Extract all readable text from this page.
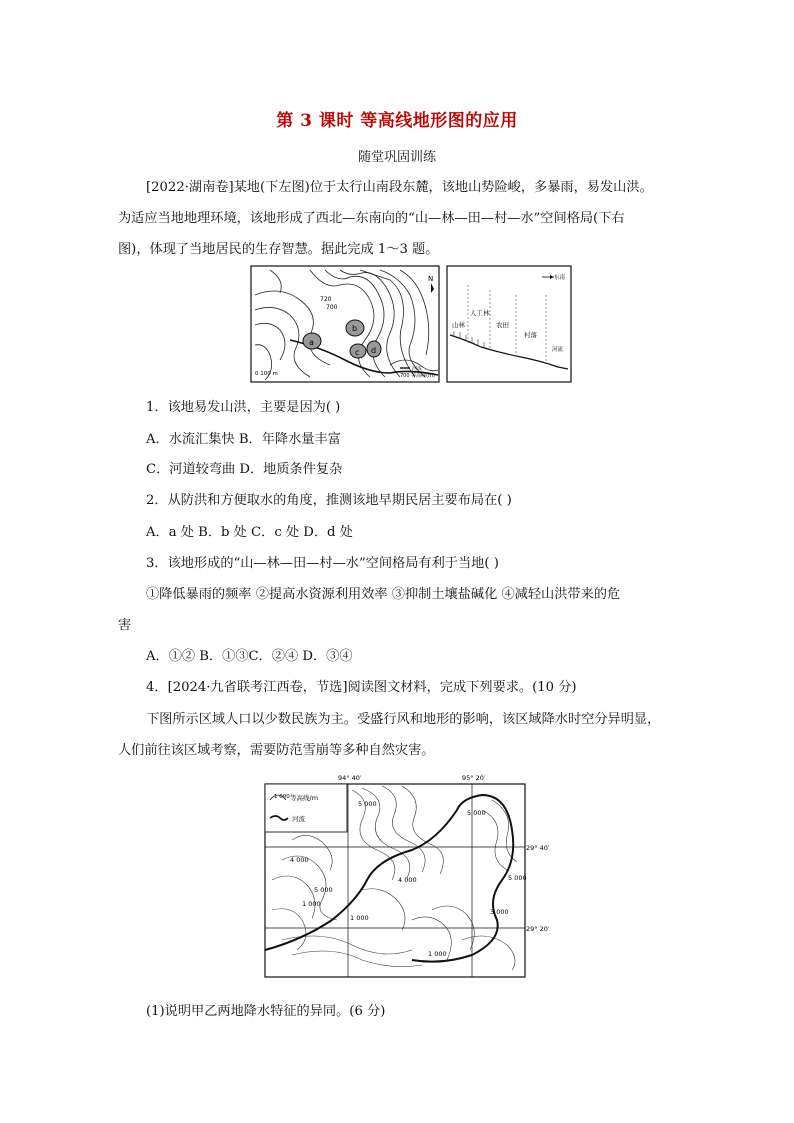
第 3 课时 等高线地形图的应用
随堂巩固训练
[2022·湖南卷]某地(下左图)位于太行山南段东麓，该地山势险峻，多暴雨，易发山洪。
为适应当地地理环境，该地形成了西北—东南向的“山—林—田—村—水”空间格局(下右
图)，体现了当地居民的生存智慧。据此完成 1～3 题。
a
b
c d
720
700
0 100 m
N
河流
700 等高线(m)
山林
人工林
农田
村落
河流
东南
1．该地易发山洪，主要是因为( )
A．水流汇集快 B．年降水量丰富
C．河道较弯曲 D．地质条件复杂
2．从防洪和方便取水的角度，推测该地早期民居主要布局在( )
A．a 处 B．b 处 C．c 处 D．d 处
3．该地形成的“山—林—田—村—水”空间格局有利于当地( )
①降低暴雨的频率 ②提高水资源利用效率 ③抑制土壤盐碱化 ④减轻山洪带来的危
害
A．①② B．①③C．②④ D．③④
4．[2024·九省联考江西卷，节选]阅读图文材料，完成下列要求。(10 分)
下图所示区域人口以少数民族为主。受盛行风和地形的影响，该区域降水时空分异明显，
人们前往该区域考察，需要防范雪崩等多种自然灾害。
94° 40′	95° 20′
29° 40′
29° 20′
5 000
4 000
5 000
1 000
1 000
5 000
4 000	5 000
3 000
1 000
1 000 等高线/m
河流
(1)说明甲乙两地降水特征的异同。(6 分)
